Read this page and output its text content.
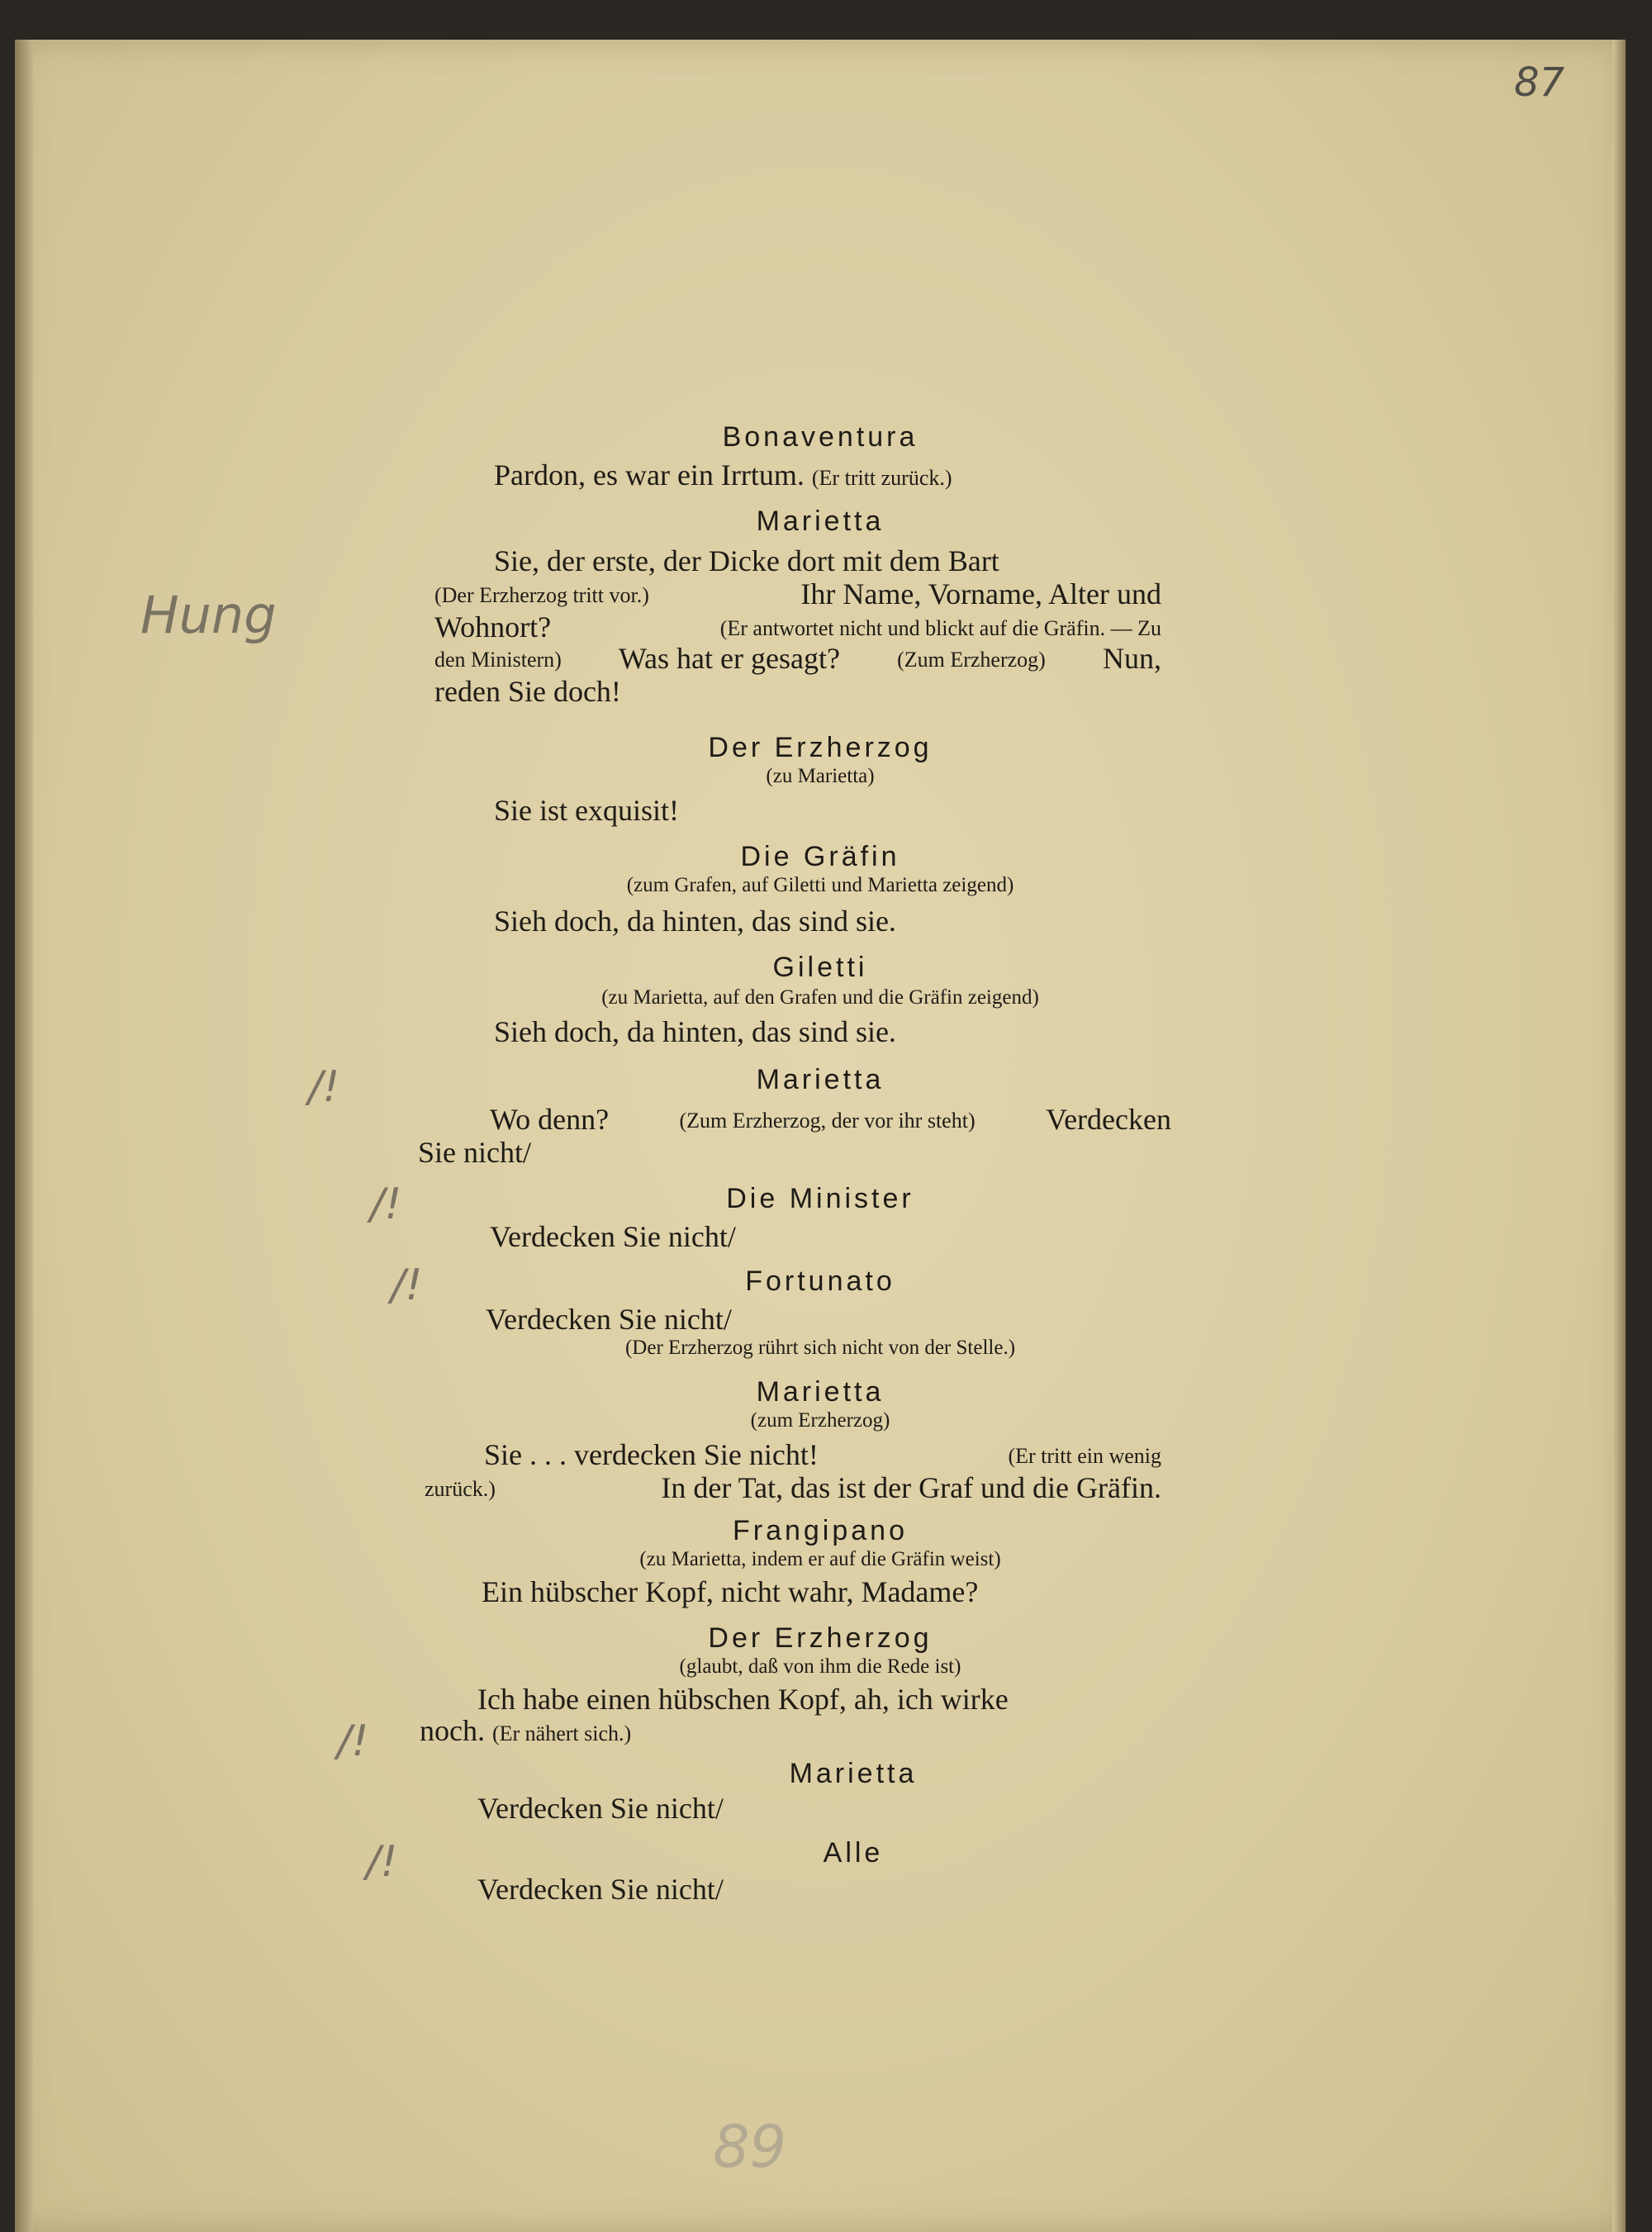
87
89
Hung
/!
/!
/!
/!
/!
Bonaventura
Pardon, es war ein Irrtum. (Er tritt zurück.)
Marietta
Sie, der erste, der Dicke dort mit dem Bart
(Der Erzherzog tritt vor.)	Ihr Name, Vorname, Alter und
Wohnort?	(Er antwortet nicht und blickt auf die Gräfin. — Zu
den Ministern) Was hat er gesagt?	(Zum Erzherzog) Nun,
reden Sie doch!
Der Erzherzog
(zu Marietta)
Sie ist exquisit!
Die Gräfin
(zum Grafen, auf Giletti und Marietta zeigend)
Sieh doch, da hinten, das sind sie.
Giletti
(zu Marietta, auf den Grafen und die Gräfin zeigend)
Sieh doch, da hinten, das sind sie.
Marietta
Wo denn?	(Zum Erzherzog, der vor ihr steht) Verdecken
Sie nicht/
Die Minister
Verdecken Sie nicht/
Fortunato
Verdecken Sie nicht/
(Der Erzherzog rührt sich nicht von der Stelle.)
Marietta
(zum Erzherzog)
Sie . . . verdecken Sie nicht!	(Er tritt ein wenig
zurück.)	In der Tat, das ist der Graf und die Gräfin.
Frangipano
(zu Marietta, indem er auf die Gräfin weist)
Ein hübscher Kopf, nicht wahr, Madame?
Der Erzherzog
(glaubt, daß von ihm die Rede ist)
Ich habe einen hübschen Kopf, ah, ich wirke
noch. (Er nähert sich.)
Marietta
Verdecken Sie nicht/
Alle
Verdecken Sie nicht/
